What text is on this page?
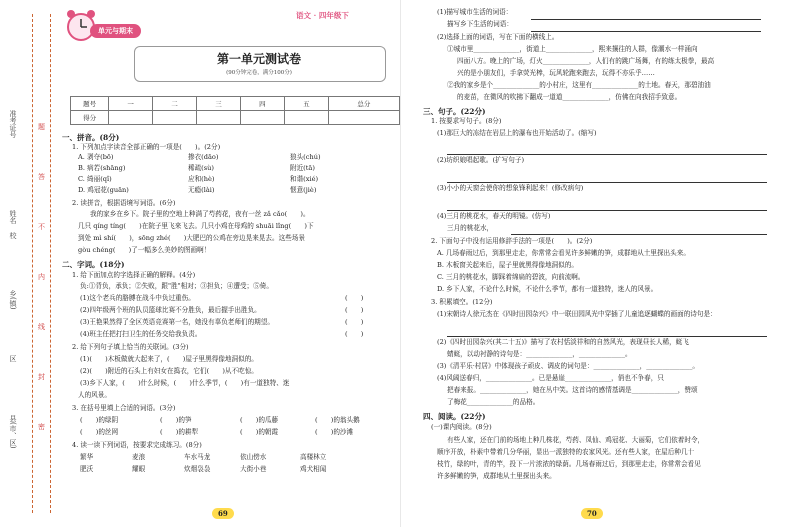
准考证号
姓名
校
乡(镇)
区
县(市、区)
题
答
不
内
线
封
密
单元与期末
语文 · 四年级下
第一单元测试卷
(90分钟完卷，满分100分)
题号	一	二	三	四	五	总分
得分						
一、拼音。(8分)
1. 下列加点字读音全部正确的一项是(　　)。(2分)
A. 剥夺(bō)	掺衣(dāo)	狼头(chú)
B. 病若(shāng)	稀疏(sù)	附近(tā)
C. 绮丽(qǐ)	应和(hè)	和谐(xié)
D. 鸡冠花(guān)	无瘾(lài)	惬意(jiè)
2. 读拼音，根据语境写词语。(6分)
我的家乡在乡下。院子里的空地上种满了芍药花，夜有一丝 zǎ cǎo(　　)。
几只 qíng tíng(　　)在院子里飞来飞去。几只小鸡在母鸡的 shuāi lǐng(　　)下
到处 mì shí(　　)，sōng zhé(　　)大肥巴的公鸡在旁边晃来晃去。这些场景
gòu chéng(　　)了一幅多么美妙的图画啊！
二、字词。(18分)
1. 给下面加点的字选择正确的解释。(4分)
负:①背负，承负；②失败，跟"胜"相对；③担负；④遭受；⑤倚。
(1)这个老兵的胳膊在战斗中负过重伤。	(　　)
(2)四年级两个班的队员篮球比赛不分胜负，最后握手出胜负。	(　　)
(3)王艳果然得了全区英语竞赛第一名，她没有辜负老师们的期望。	(　　)
(4)班主任把打扫卫生的任务交给我负责。	(　　)
2. 给下列句子填上恰当的关联词。(3分)
(1)(　　)木板做就大起来了，(　　)屋子里黑得像地洞似的。
(2)(　　)附近的石头上有妇女在捣衣，它们(　　)从不吃惊。
(3)乡下人家，(　　)什么时候，(　　)什么季节，(　　)有一道独特、迷
人的风景。
3. 在括号里填上合适的词语。(3分)
(　　)的绿阴	(　　)的笋	(　　)的瓜藤	(　　)的翁头鹅
(　　)的丝网	(　　)的耕犁	(　　)的朝霞	(　　)的沙滩
4. 读一读下列词语，按要求完成练习。(8分)
繁华	麦浪	车水马龙	依山傍水	高楼林立
肥沃	耀眼	炊烟袅袅	大街小巷	鸡犬相闻
69
(1)描写城市生活的词语：
描写乡下生活的词语：
(2)选择上面的词语，写在下面的横线上。
①城市里______________，街道上______________，熙来攘往的人群，像潮水一样涌向
四面八方。晚上的广场，灯火______________，人们有的跳广场舞，有的练太极拳，最高
兴的是小朋友们，手拿荧光棒，玩风轮跑来跑去，玩得不亦乐乎……
②我的家乡是个______________的小村庄，这里有______________的土地。春天，那碧油油
的麦苗，在微风的吹拂下翻成一道道______________，仿佛在向我招手致意。
三、句子。(22分)
1. 按要求写句子。(8分)
(1)那巨大的冻结在岩层上的瀑布也开始活动了。(缩写)
(2)坊织娘唱起歌。(扩写句子)
(3)小小的天窗会使你的想象锋利起来！(修改病句)
(4)三月的桃花水，春天的明镜。(仿写)
三月的桃花水，
2. 下面句子中没有运用修辞手法的一项是(　　)。(2分)
A. 几场春雨过后，到那里走走，你常常会看见许多鲜嫩的笋，成群地从土里探出头来。
B. 木板窗关起来后，屋子里就黑得像地洞似的。
C. 三月的桃花水，脚踩着绵扁的碧波，向前流啊。
D. 乡下人家，不论什么时候，不论什么季节，都有一道独特，迷人的风景。
3. 积累填空。(12分)
(1)宋朝诗人徐元杰在《四时田园杂兴》中一联田园风光中穿插了儿童追逐蝴蝶的画面的诗句是：
(2)《四时田园杂兴(其二十五)》描写了农村恬淡祥和的自然风光，表现昼长人稀，蜓飞
蜻蜓，以动衬静的诗句是：______________，______________。
(3)《清平乐·村居》中体现孩子顽皮、调皮的词句是：______________，______________。
(4)风阔送春归，______________。已是悬崖______________，俏也不争春，只
把春来报。______________，她在丛中笑。这首诗的感情基调是______________，赞颂
了梅花______________的品格。
四、阅读。(22分)
(一)课内阅读。(8分)
有些人家，还在门前的场地上种几株花，芍药、凤仙、鸡冠花、大丽菊，它们依着时令，
顺序开放，朴素中带着几分华丽，显出一派独特的农家风光。还有些人家，在屋后种几十
枝竹，绿的叶，青的竿，投下一片浓浓的绿荫。几场春雨过后，到那里走走，你常常会看见
许多鲜嫩的笋，成群地从土里探出头来。
70
